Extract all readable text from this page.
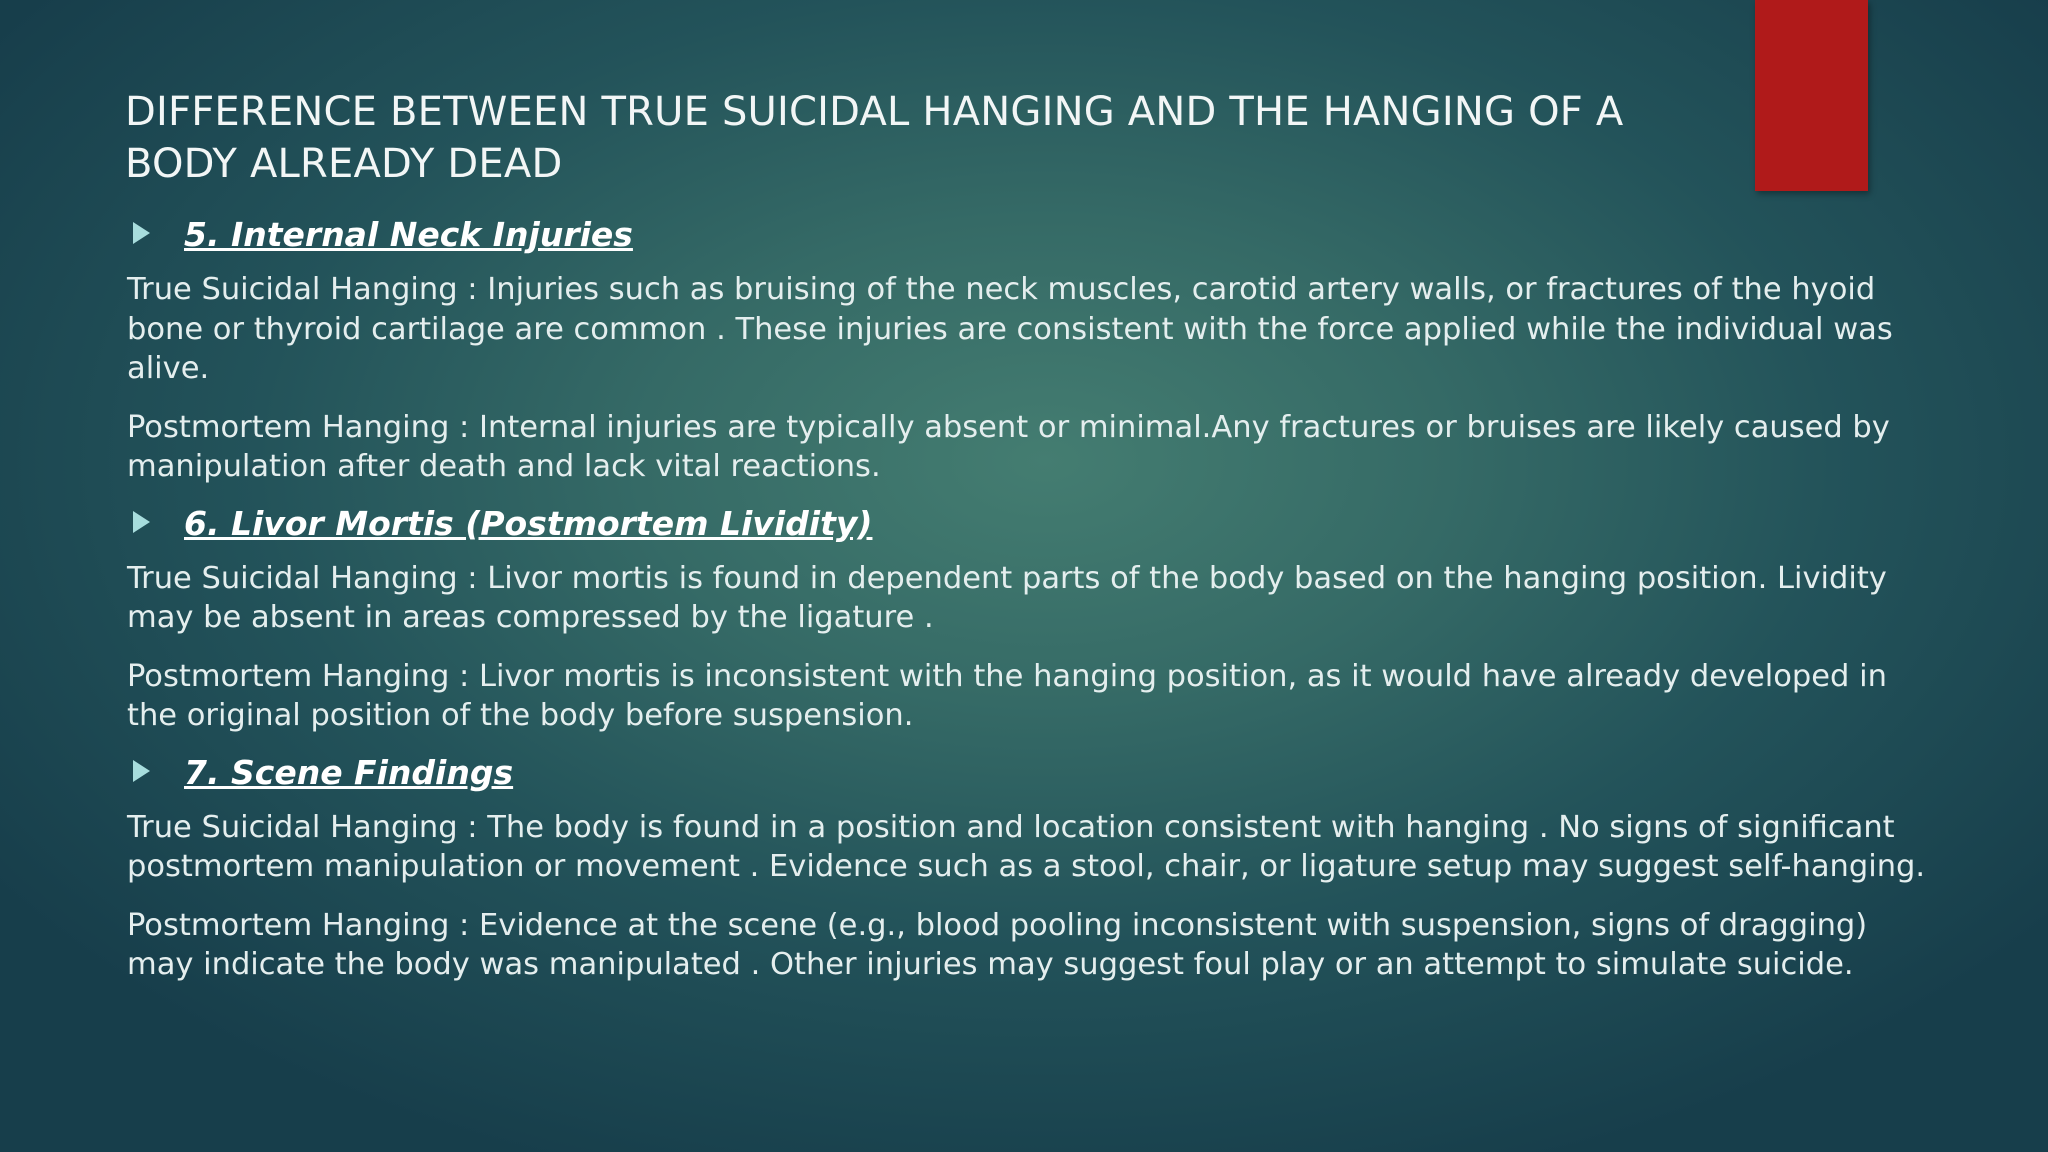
DIFFERENCE BETWEEN TRUE SUICIDAL HANGING AND THE HANGING OF A BODY ALREADY DEAD
5. Internal Neck Injuries

True Suicidal Hanging : Injuries such as bruising of the neck muscles, carotid artery walls, or fractures of the hyoid bone or thyroid cartilage are common . These injuries are consistent with the force applied while the individual was alive.

Postmortem Hanging : Internal injuries are typically absent or minimal.Any fractures or bruises are likely caused by manipulation after death and lack vital reactions.

6. Livor Mortis (Postmortem Lividity)

True Suicidal Hanging : Livor mortis is found in dependent parts of the body based on the hanging position. Lividity may be absent in areas compressed by the ligature .

Postmortem Hanging : Livor mortis is inconsistent with the hanging position, as it would have already developed in the original position of the body before suspension.

7. Scene Findings

True Suicidal Hanging : The body is found in a position and location consistent with hanging . No signs of significant postmortem manipulation or movement . Evidence such as a stool, chair, or ligature setup may suggest self-hanging.

Postmortem Hanging : Evidence at the scene (e.g., blood pooling inconsistent with suspension, signs of dragging) may indicate the body was manipulated . Other injuries may suggest foul play or an attempt to simulate suicide.
